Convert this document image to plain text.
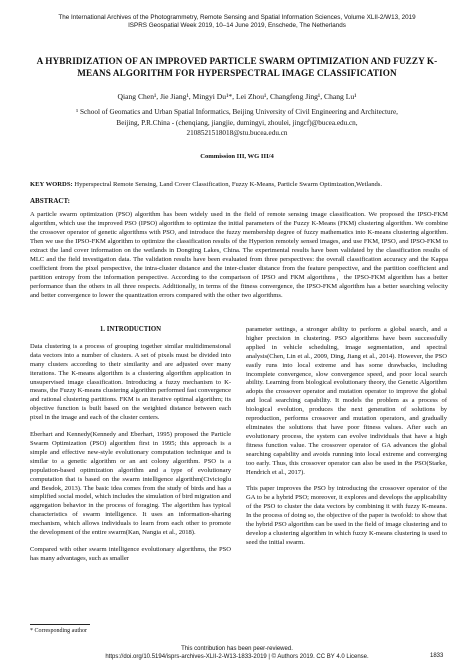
The International Archives of the Photogrammetry, Remote Sensing and Spatial Information Sciences, Volume XLII-2/W13, 2019
ISPRS Geospatial Week 2019, 10–14 June 2019, Enschede, The Netherlands
A HYBRIDIZATION OF AN IMPROVED PARTICLE SWARM OPTIMIZATION AND FUZZY K-MEANS ALGORITHM FOR HYPERSPECTRAL IMAGE CLASSIFICATION
Qiang Chen¹, Jie Jiang¹, Mingyi Du¹*, Lei Zhou¹, Changfeng Jing¹, Chang Lu¹
¹ School of Geomatics and Urban Spatial Informatics, Beijing University of Civil Engineering and Architecture,
Beijing, P.R.China - (chenqiang, jiangjie, dumingyi, zhoulei, jingcf)@bucea.edu.cn,
2108521518018@stu.bucea.edu.cn
Commission III, WG III/4
KEY WORDS: Hyperspectral Remote Sensing, Land Cover Classification, Fuzzy K-Means, Particle Swarm Optimization,Wetlands.
ABSTRACT:

A particle swarm optimization (PSO) algorithm has been widely used in the field of remote sensing image classification. We proposed the IPSO-FKM algorithm, which use the improved PSO (IPSO) algorithm to optimize the initial parameters of the Fuzzy K-Means (FKM) clustering algorithm. We combine the crossover operator of genetic algorithms with PSO, and introduce the fuzzy membership degree of fuzzy mathematics into K-means clustering algorithm. Then we use the IPSO-FKM algorithm to optimize the classification results of the Hyperion remotely sensed images, and use FKM, IPSO, and IPSO-FKM to extract the land cover information on the wetlands in Dongting Lakes, China. The experimental results have been validated by the classification results of MLC and the field investigation data. The validation results have been evaluated from three perspectives: the overall classification accuracy and the Kappa coefficient from the pixel perspective, the intra-cluster distance and the inter-cluster distance from the feature perspective, and the partition coefficient and partition entropy from the information perspective. According to the comparison of IPSO and FKM algorithms，the IPSO-FKM algorithm has a better performance than the others in all three respects. Additionally, in terms of the fitness convergence, the IPSO-FKM algorithm has a better searching velocity and better convergence to lower the quantization errors compared with the other two algorithms.

1. INTRODUCTION

Data clustering is a process of grouping together similar multidimensional data vectors into a number of clusters. A set of pixels must be divided into many clusters according to their similarity and are adjusted over many iterations. The K-means algorithm is a clustering algorithm application in unsupervised image classification. Introducing a fuzzy mechanism to K-means, the Fuzzy K-means clustering algorithm performed fast convergence and rational clustering partitions. FKM is an iterative optimal algorithm; its objective function is built based on the weighted distance between each pixel in the image and each of the cluster centers.

Eberhart and Kennedy(Kennedy and Eberhart, 1995) proposed the Particle Swarm Optimization (PSO) algorithm first in 1995; this approach is a simple and effective new-style evolutionary computation technique and is similar to a genetic algorithm or an ant colony algorithm. PSO is a population-based optimization algorithm and a type of evolutionary computation that is based on the swarm intelligence algorithm(Civicioglu and Besdok, 2013). The basic idea comes from the study of birds and has a simplified social model, which includes the simulation of bird migration and aggregation behavior in the process of foraging. The algorithm has typical characteristics of swarm intelligence. It uses an information-sharing mechanism, which allows individuals to learn from each other to promote the development of the entire swarm(Kan, Nangia et al., 2018).

Compared with other swarm intelligence evolutionary algorithms, the PSO has many advantages, such as smaller

parameter settings, a stronger ability to perform a global search, and a higher precision in clustering. PSO algorithms have been successfully applied in vehicle scheduling, image segmentation, and spectral analysis(Chen, Lin et al., 2009, Ding, Jiang et al., 2014). However, the PSO easily runs into local extreme and has some drawbacks, including incomplete convergence, slow convergence speed, and poor local search ability. Learning from biological evolutionary theory, the Genetic Algorithm adopts the crossover operator and mutation operator to improve the global and local searching capability. It models the problem as a process of biological evolution, produces the next generation of solutions by reproduction, performs crossover and mutation operators, and gradually eliminates the solutions that have poor fitness values. After such an evolutionary process, the system can evolve individuals that have a high fitness function value. The crossover operator of GA advances the global searching capability and avoids running into local extreme and converging too early. Thus, this crossover operator can also be used in the PSO(Starke, Hendrich et al., 2017).

This paper improves the PSO by introducing the crossover operator of the GA to be a hybrid PSO; moreover, it explores and develops the applicability of the PSO to cluster the data vectors by combining it with fuzzy K-means. In the process of doing so, the objective of the paper is twofold: to show that the hybrid PSO algorithm can be used in the field of image clustering and to develop a clustering algorithm in which fuzzy K-means clustering is used to seed the initial swarm.

* Corresponding author
This contribution has been peer-reviewed.
https://doi.org/10.5194/isprs-archives-XLII-2-W13-1833-2019 | © Authors 2019. CC BY 4.0 License.	1833
